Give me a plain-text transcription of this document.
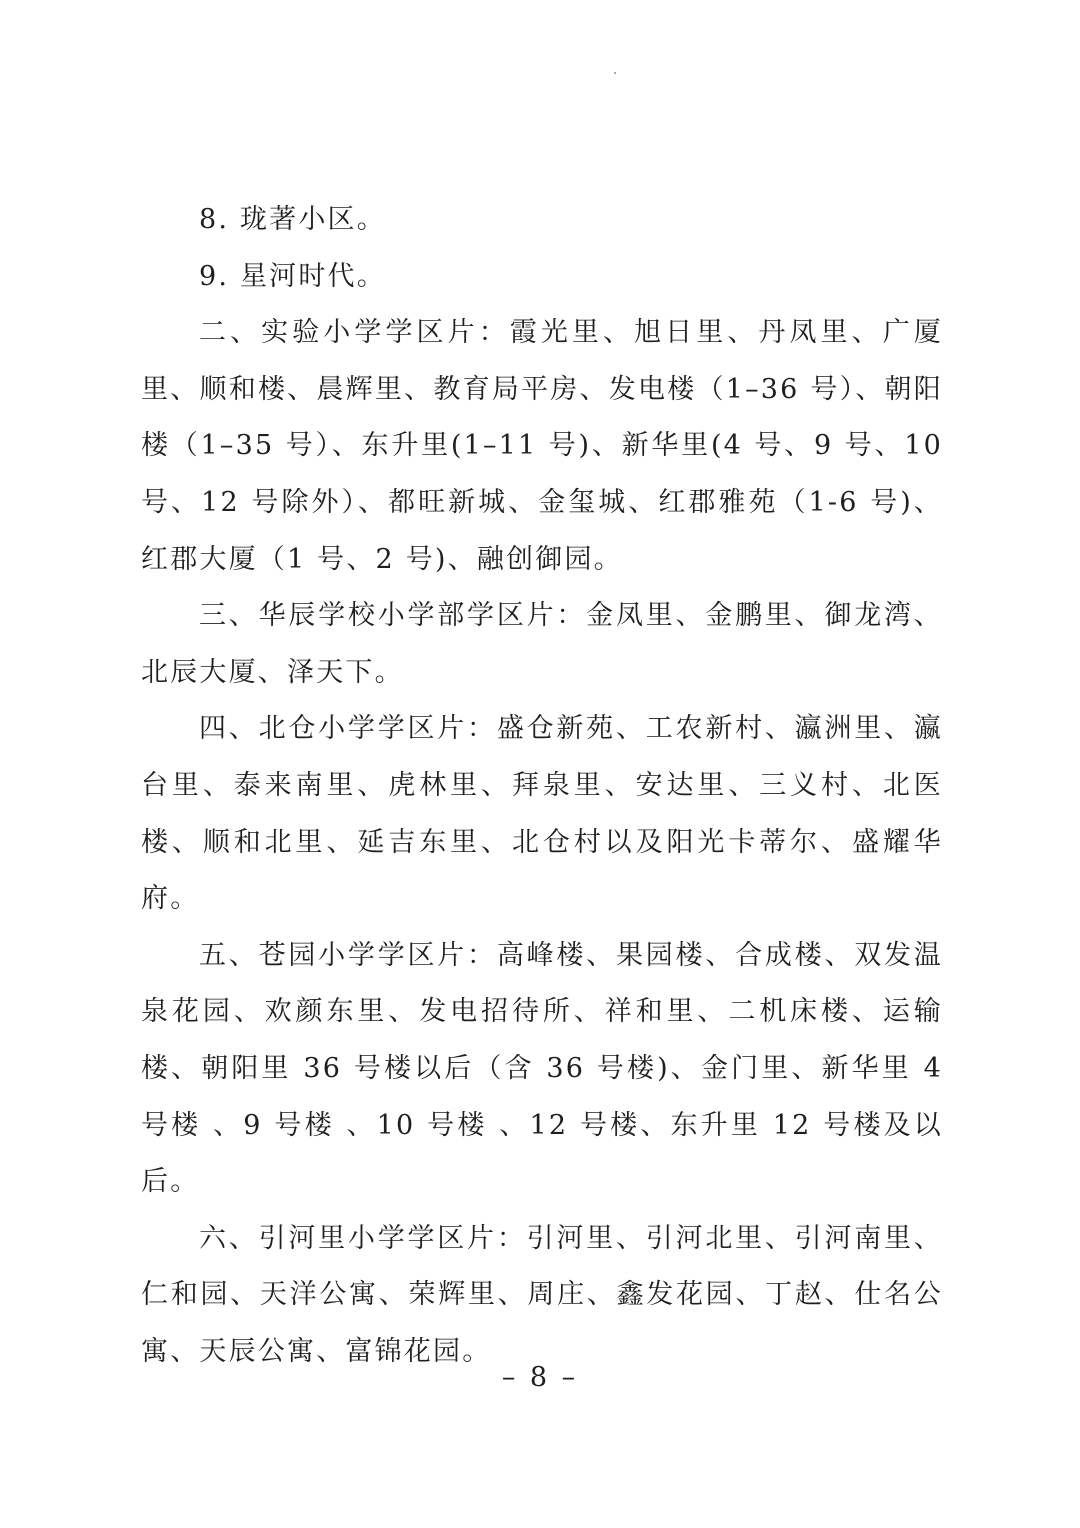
8. 珑著小区。

9. 星河时代。

二、实验小学学区片：霞光里、旭日里、丹凤里、广厦里、顺和楼、晨辉里、教育局平房、发电楼（1–36 号）、朝阳楼（1–35 号）、东升里(1–11 号)、新华里(4 号、9 号、10 号、12 号除外）、都旺新城、金玺城、红郡雅苑（1-6 号)、红郡大厦（1 号、2 号)、融创御园。

三、华辰学校小学部学区片：金凤里、金鹏里、御龙湾、北辰大厦、泽天下。

四、北仓小学学区片：盛仓新苑、工农新村、瀛洲里、瀛台里、泰来南里、虎林里、拜泉里、安达里、三义村、北医楼、顺和北里、延吉东里、北仓村以及阳光卡蒂尔、盛耀华府。

五、苍园小学学区片：高峰楼、果园楼、合成楼、双发温泉花园、欢颜东里、发电招待所、祥和里、二机床楼、运输楼、朝阳里 36 号楼以后（含 36 号楼)、金门里、新华里 4 号楼 、9 号楼 、10 号楼 、12 号楼、东升里 12 号楼及以后。

六、引河里小学学区片：引河里、引河北里、引河南里、仁和园、天洋公寓、荣辉里、周庄、鑫发花园、丁赵、仕名公寓、天辰公寓、富锦花园。

– 8 –
